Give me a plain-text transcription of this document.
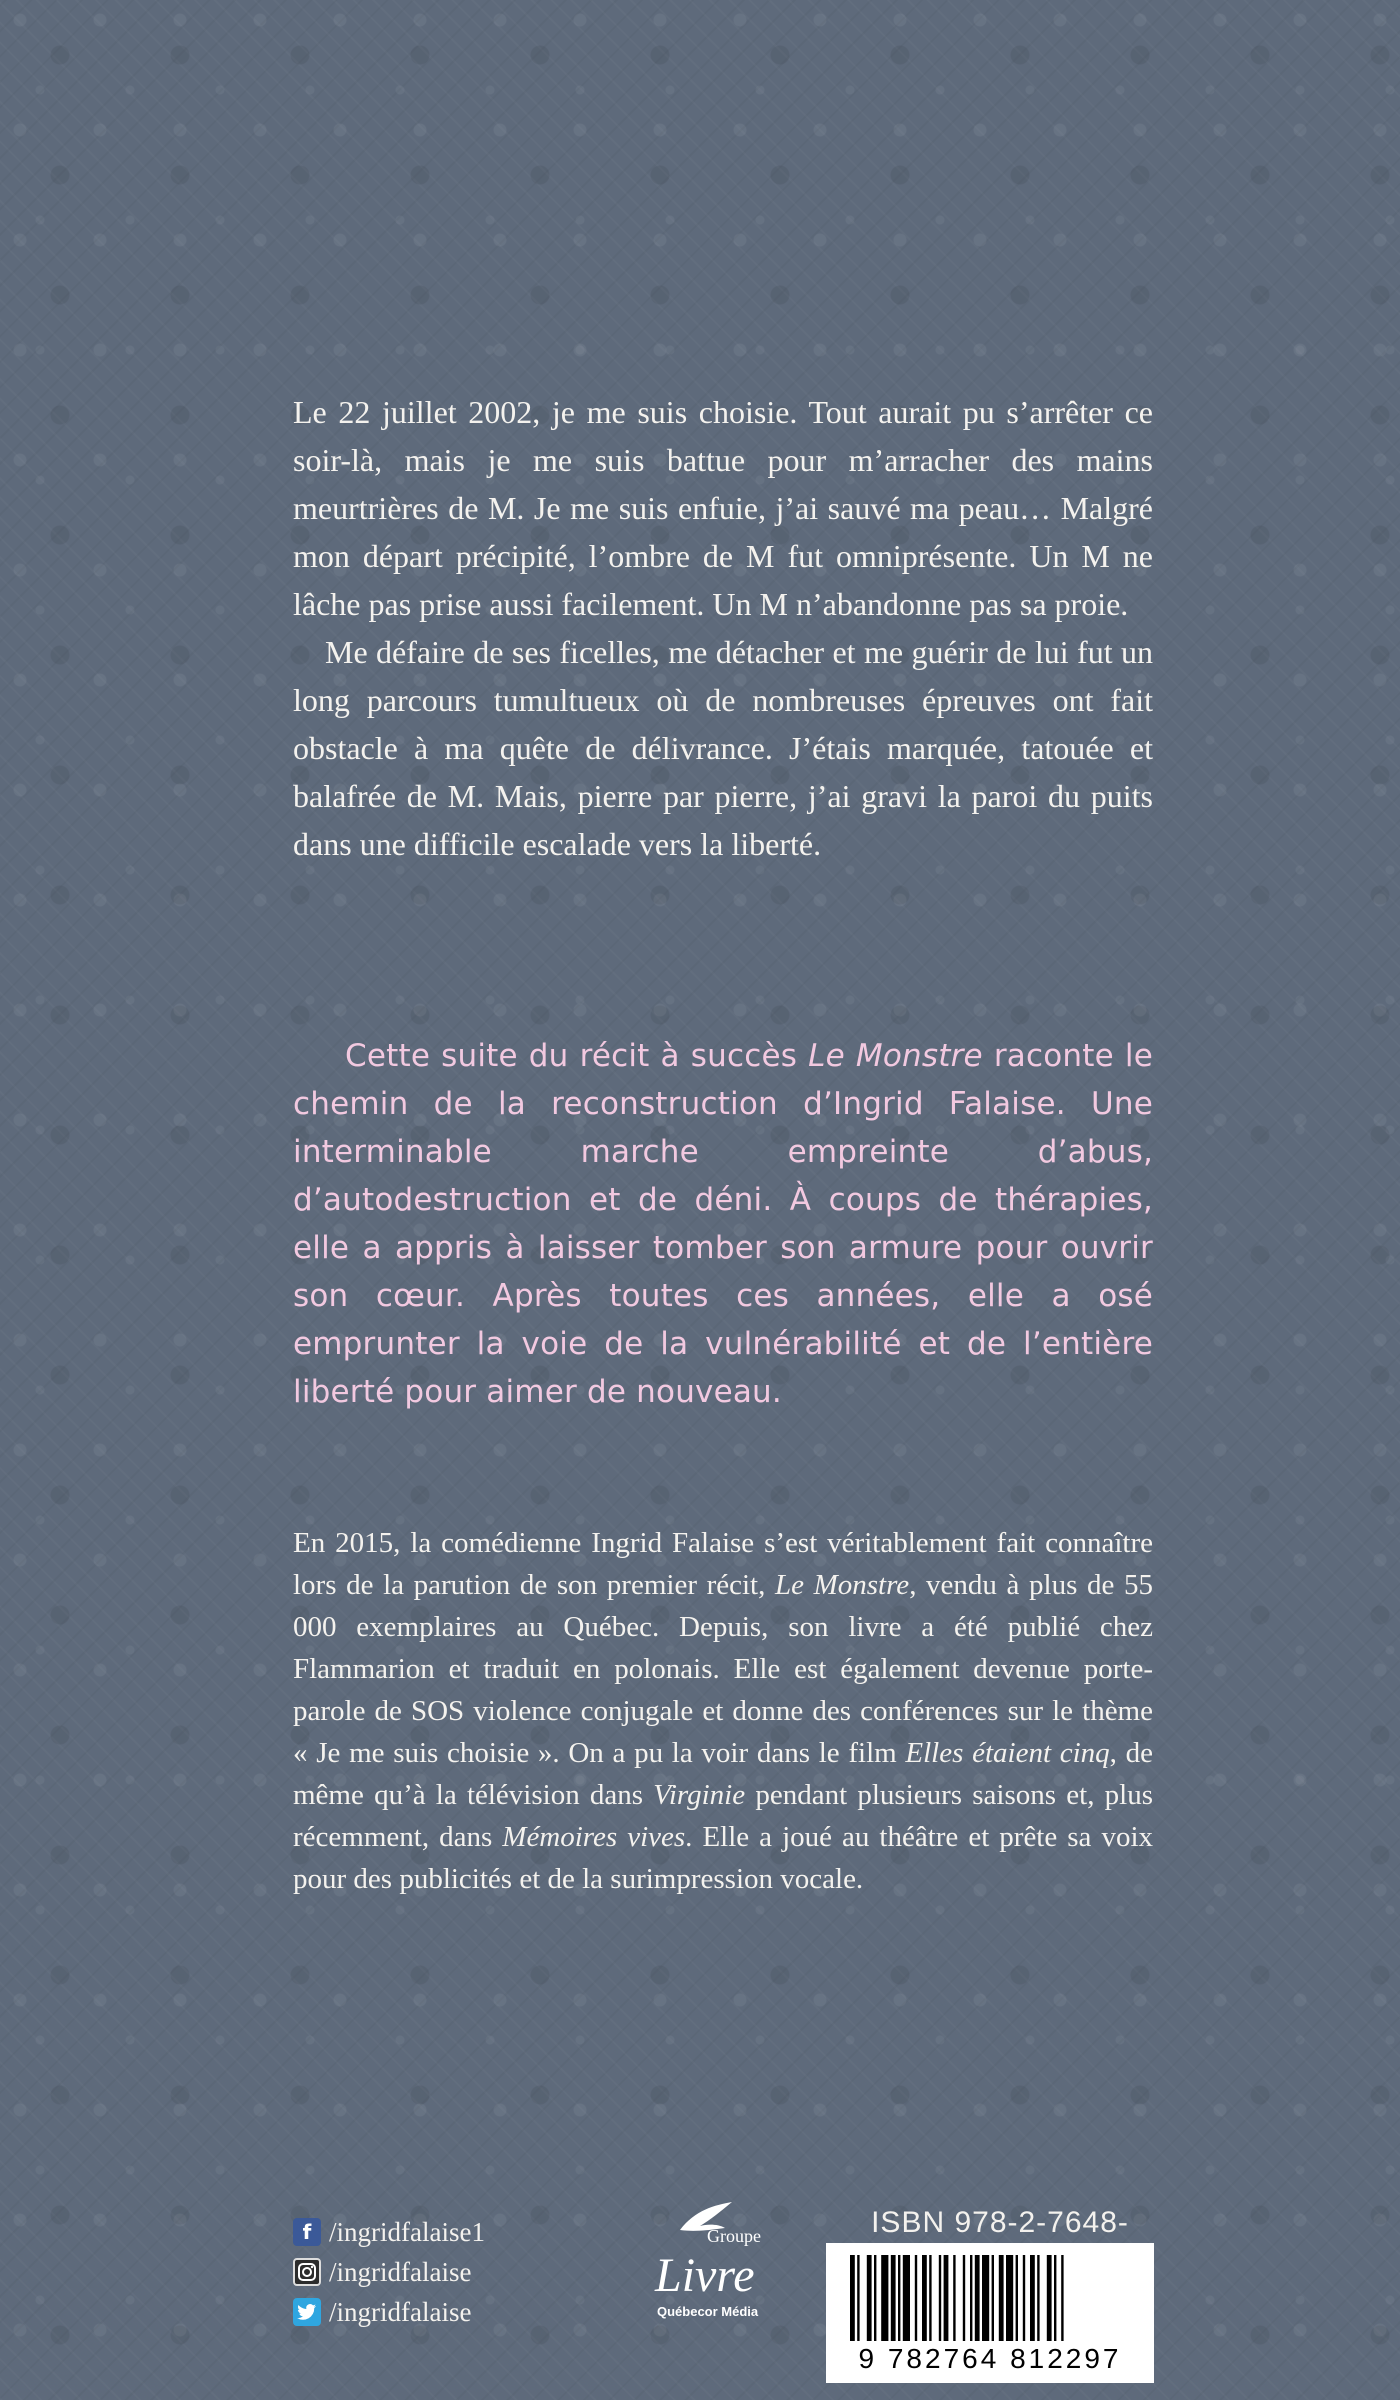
Le 22 juillet 2002, je me suis choisie. Tout aurait pu s’arrêter ce soir-là, mais je me suis battue pour m’arracher des mains meurtrières de M. Je me suis enfuie, j’ai sauvé ma peau… Malgré mon départ précipité, l’ombre de M fut omniprésente. Un M ne lâche pas prise aussi facilement. Un M n’abandonne pas sa proie.

Me défaire de ses ficelles, me détacher et me guérir de lui fut un long parcours tumultueux où de nombreuses épreuves ont fait obstacle à ma quête de délivrance. J’étais marquée, tatouée et balafrée de M. Mais, pierre par pierre, j’ai gravi la paroi du puits dans une difficile escalade vers la liberté.

Cette suite du récit à succès Le Monstre raconte le chemin de la reconstruction d’Ingrid Falaise. Une interminable marche empreinte d’abus, d’autodestruction et de déni. À coups de thérapies, elle a appris à laisser tomber son armure pour ouvrir son cœur. Après toutes ces années, elle a osé emprunter la voie de la vulnérabilité et de l’entière liberté pour aimer de nouveau.

En 2015, la comédienne Ingrid Falaise s’est véritablement fait connaître lors de la parution de son premier récit, Le Monstre, vendu à plus de 55 000 exemplaires au Québec. Depuis, son livre a été publié chez Flammarion et traduit en polonais. Elle est également devenue porte-parole de SOS violence conjugale et donne des conférences sur le thème « Je me suis choisie ». On a pu la voir dans le film Elles étaient cinq, de même qu’à la télévision dans Virginie pendant plusieurs saisons et, plus récemment, dans Mémoires vives. Elle a joué au théâtre et prête sa voix pour des publicités et de la surimpression vocale.

f /ingridfalaise1
/ingridfalaise
/ingridfalaise
Groupe
Livre
Québecor Média
ISBN 978-2-7648-
9 782764 812297
